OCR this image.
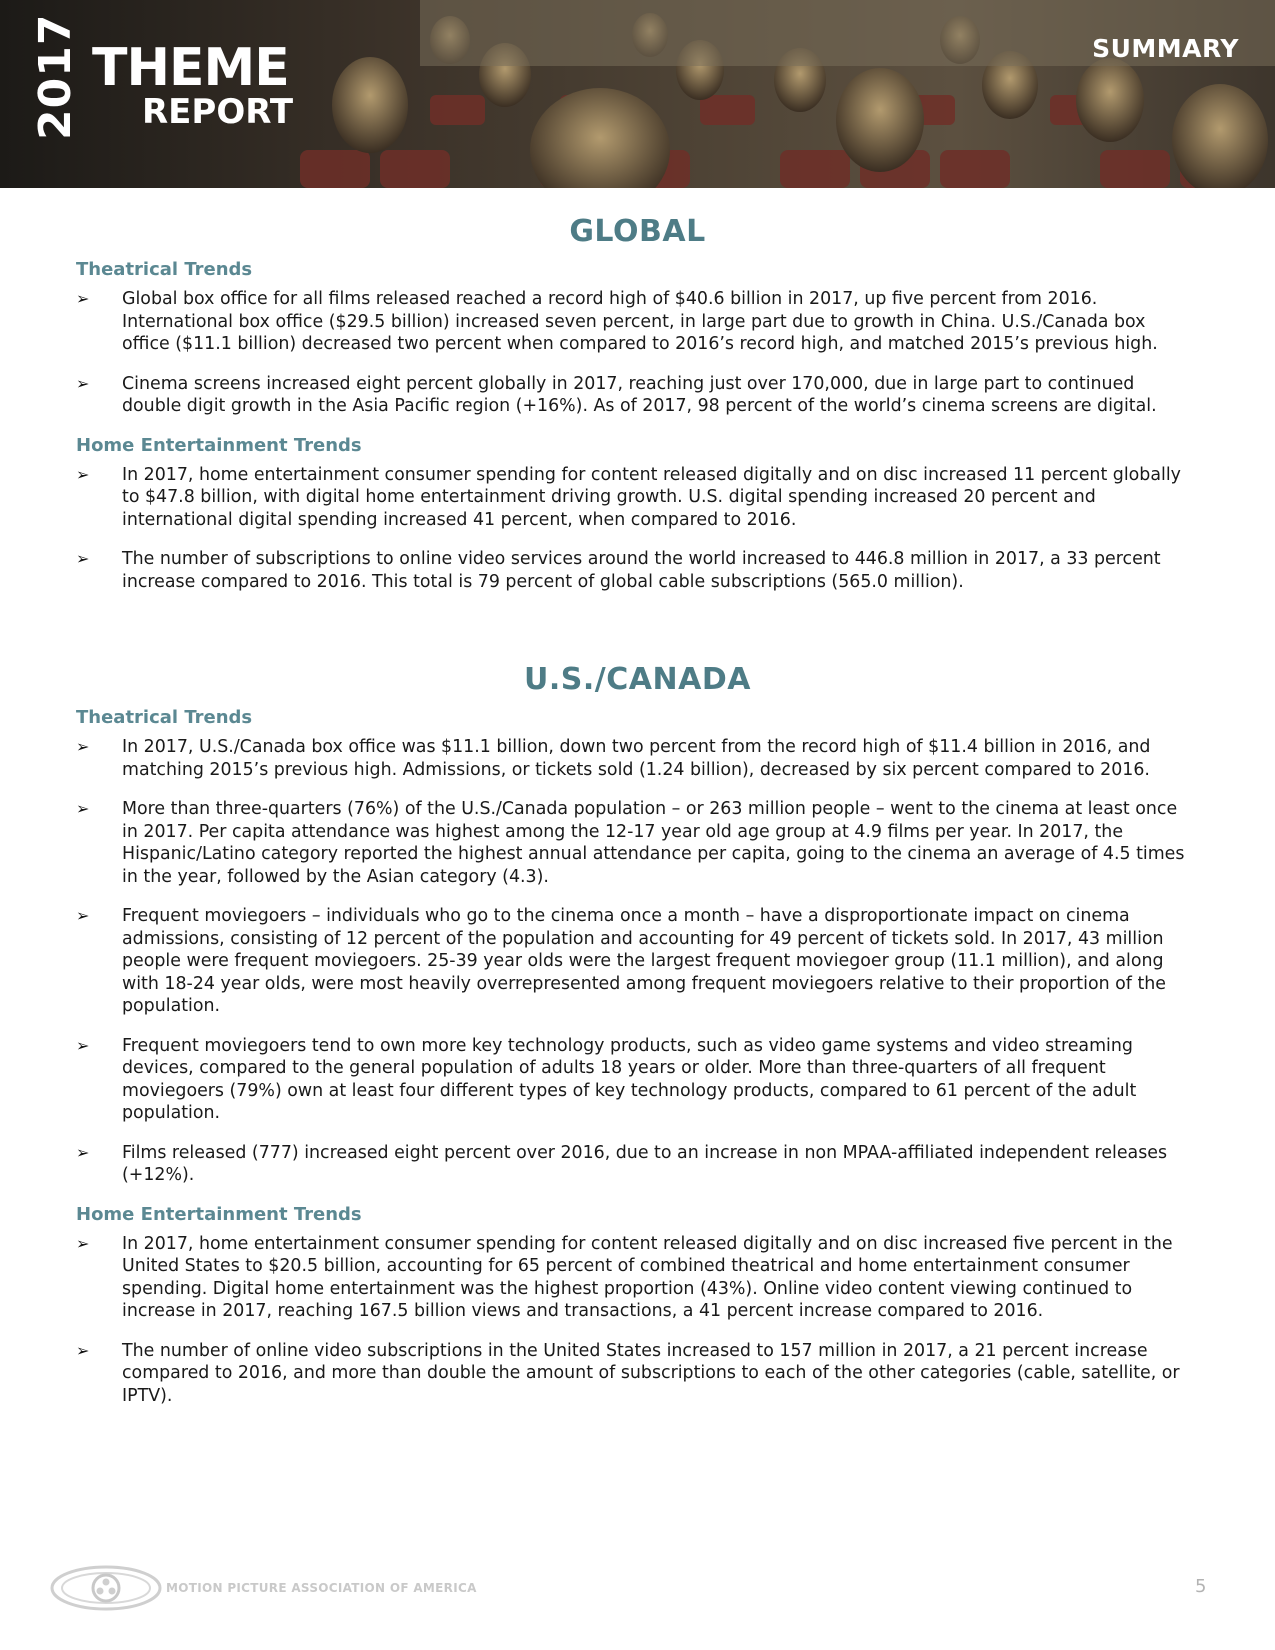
2017 THEME
REPORT
SUMMARY
GLOBAL
Theatrical Trends
➢ Global box office for all films released reached a record high of $40.6 billion in 2017, up five percent from 2016. International box office ($29.5 billion) increased seven percent, in large part due to growth in China. U.S./Canada box office ($11.1 billion) decreased two percent when compared to 2016’s record high, and matched 2015’s previous high.
➢ Cinema screens increased eight percent globally in 2017, reaching just over 170,000, due in large part to continued double digit growth in the Asia Pacific region (+16%). As of 2017, 98 percent of the world’s cinema screens are digital.
Home Entertainment Trends
➢ In 2017, home entertainment consumer spending for content released digitally and on disc increased 11 percent globally to $47.8 billion, with digital home entertainment driving growth. U.S. digital spending increased 20 percent and international digital spending increased 41 percent, when compared to 2016.
➢ The number of subscriptions to online video services around the world increased to 446.8 million in 2017, a 33 percent increase compared to 2016. This total is 79 percent of global cable subscriptions (565.0 million).
U.S./CANADA
Theatrical Trends
➢ In 2017, U.S./Canada box office was $11.1 billion, down two percent from the record high of $11.4 billion in 2016, and matching 2015’s previous high. Admissions, or tickets sold (1.24 billion), decreased by six percent compared to 2016.
➢ More than three-quarters (76%) of the U.S./Canada population – or 263 million people – went to the cinema at least once in 2017. Per capita attendance was highest among the 12-17 year old age group at 4.9 films per year. In 2017, the Hispanic/Latino category reported the highest annual attendance per capita, going to the cinema an average of 4.5 times in the year, followed by the Asian category (4.3).
➢ Frequent moviegoers – individuals who go to the cinema once a month – have a disproportionate impact on cinema admissions, consisting of 12 percent of the population and accounting for 49 percent of tickets sold. In 2017, 43 million people were frequent moviegoers. 25-39 year olds were the largest frequent moviegoer group (11.1 million), and along with 18-24 year olds, were most heavily overrepresented among frequent moviegoers relative to their proportion of the population.
➢ Frequent moviegoers tend to own more key technology products, such as video game systems and video streaming devices, compared to the general population of adults 18 years or older. More than three-quarters of all frequent moviegoers (79%) own at least four different types of key technology products, compared to 61 percent of the adult population.
➢ Films released (777) increased eight percent over 2016, due to an increase in non MPAA-affiliated independent releases (+12%).
Home Entertainment Trends
➢ In 2017, home entertainment consumer spending for content released digitally and on disc increased five percent in the United States to $20.5 billion, accounting for 65 percent of combined theatrical and home entertainment consumer spending. Digital home entertainment was the highest proportion (43%). Online video content viewing continued to increase in 2017, reaching 167.5 billion views and transactions, a 41 percent increase compared to 2016.
➢ The number of online video subscriptions in the United States increased to 157 million in 2017, a 21 percent increase compared to 2016, and more than double the amount of subscriptions to each of the other categories (cable, satellite, or IPTV).
MOTION PICTURE ASSOCIATION OF AMERICA	5
